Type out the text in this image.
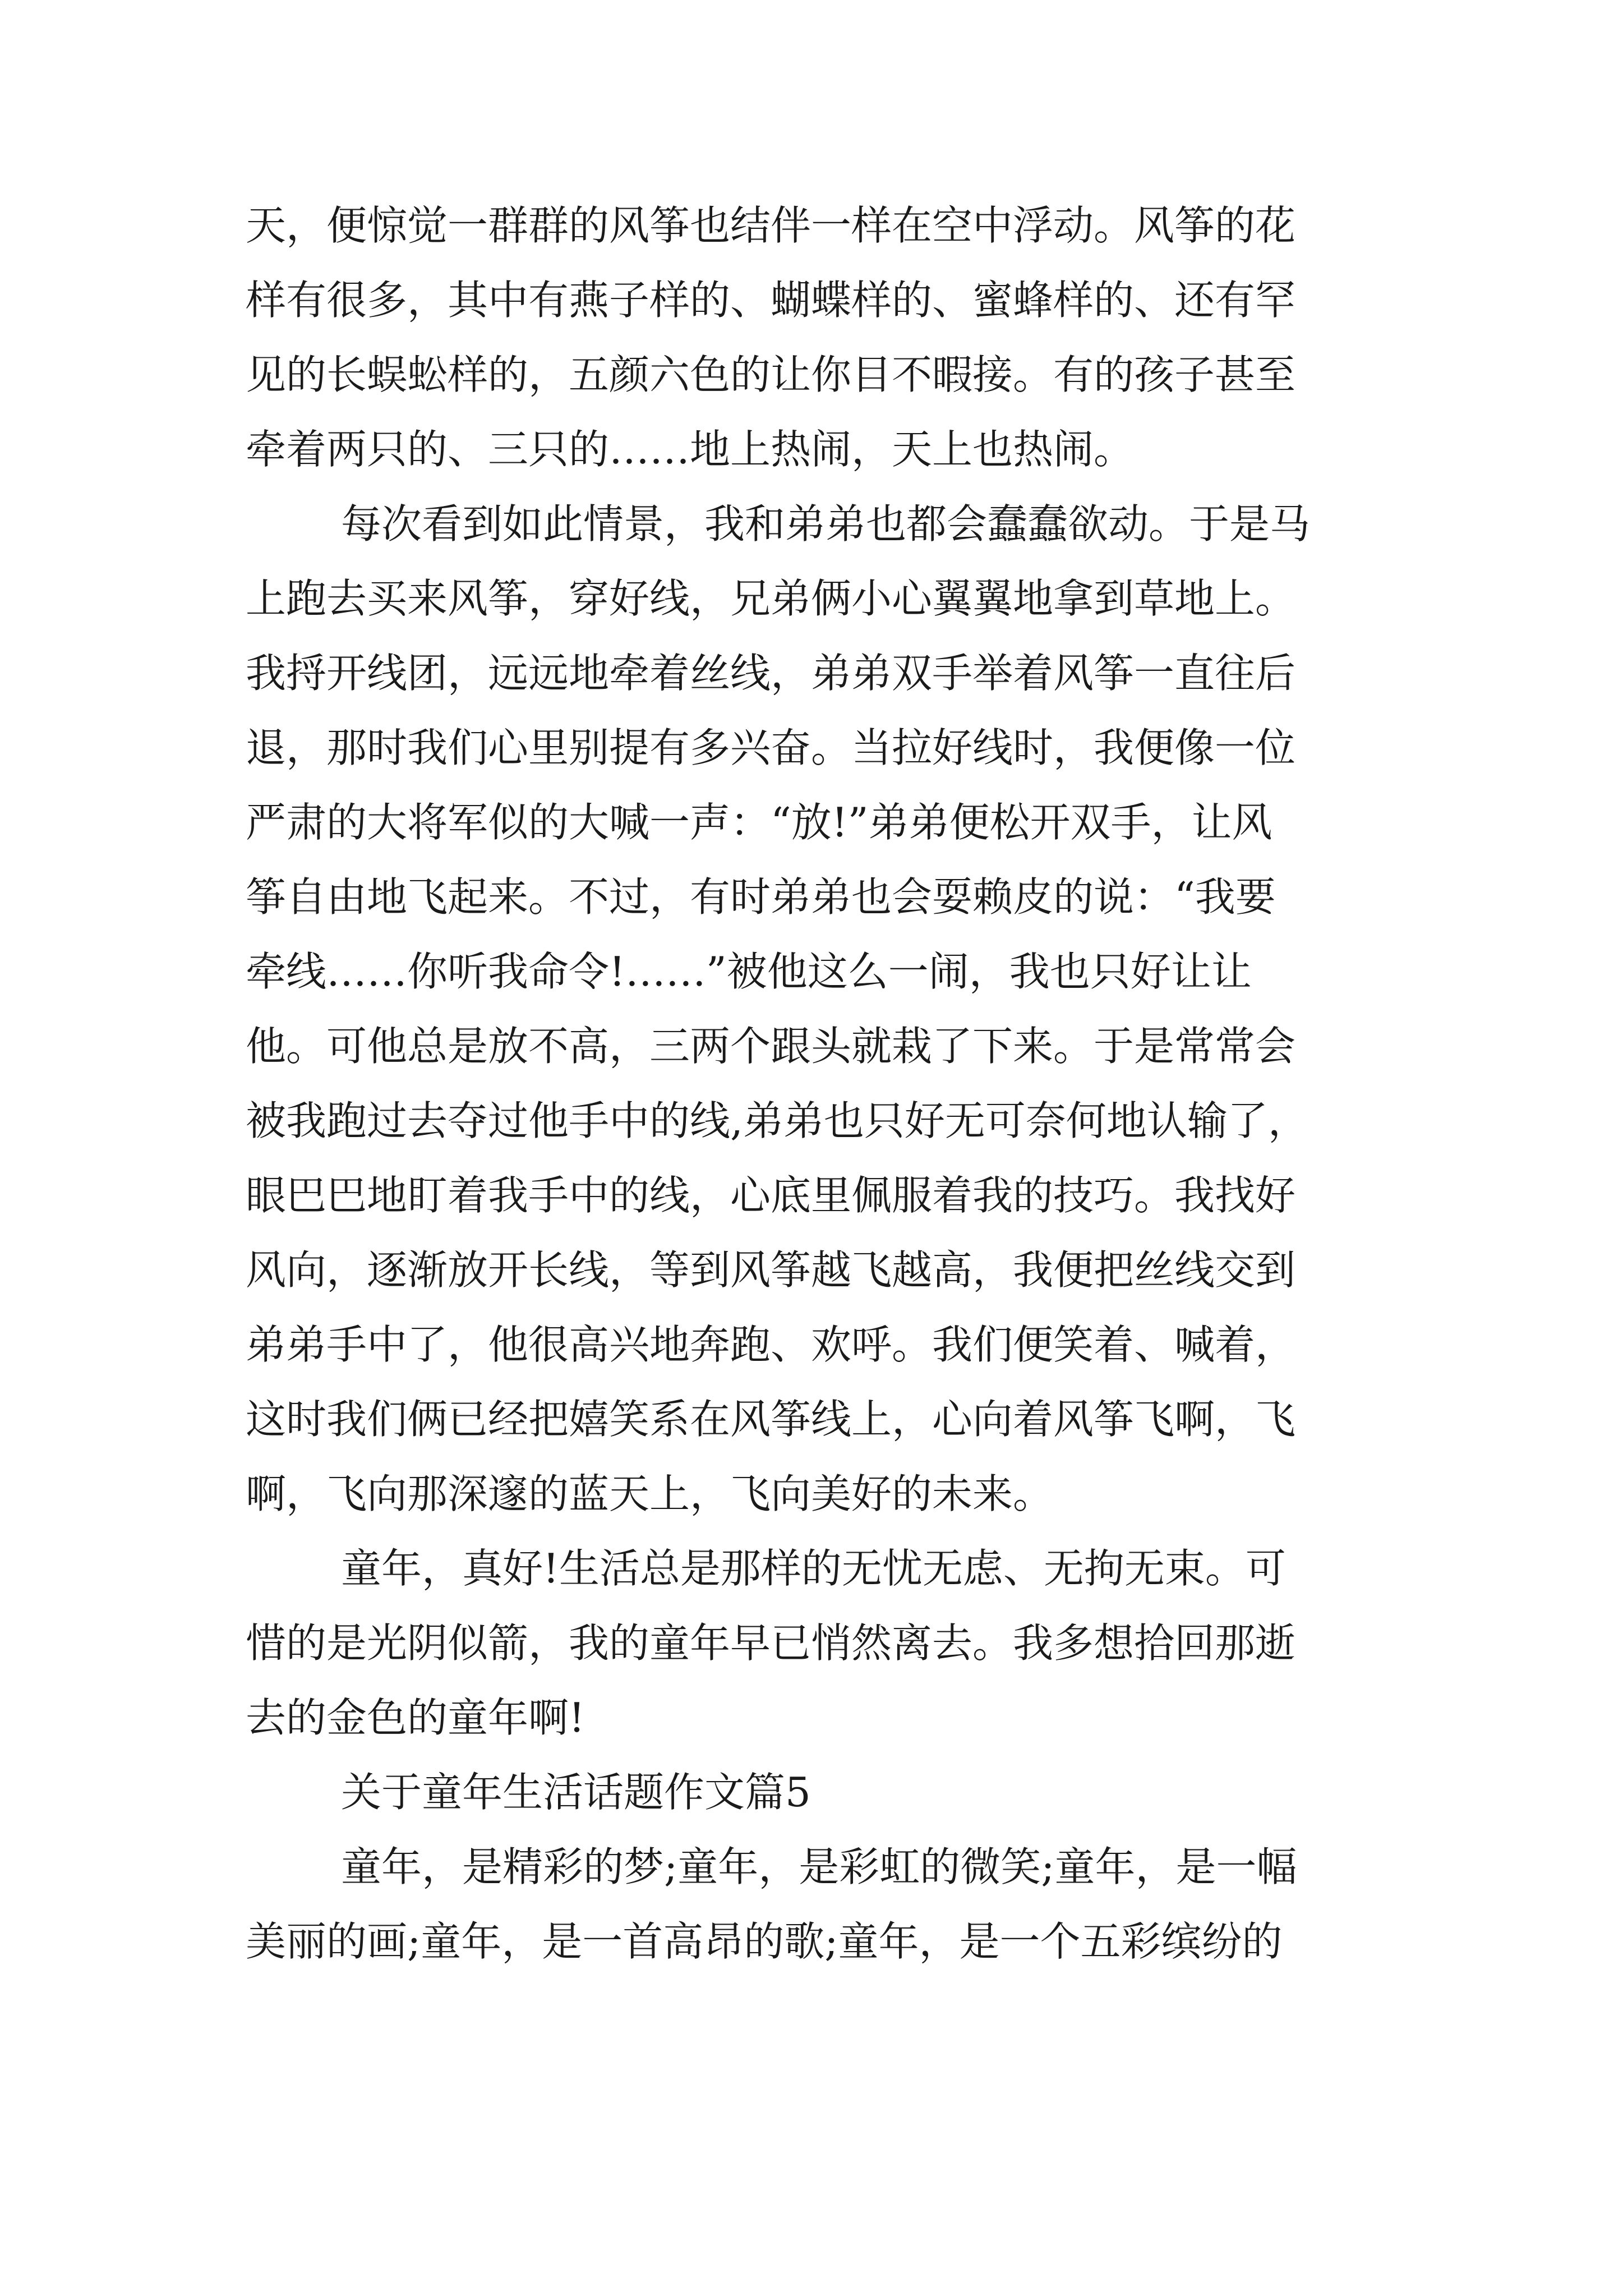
天，便惊觉一群群的风筝也结伴一样在空中浮动。风筝的花
样有很多，其中有燕子样的、蝴蝶样的、蜜蜂样的、还有罕
见的长蜈蚣样的，五颜六色的让你目不暇接。有的孩子甚至
牵着两只的、三只的……地上热闹，天上也热闹。
每次看到如此情景，我和弟弟也都会蠢蠢欲动。于是马
上跑去买来风筝，穿好线，兄弟俩小心翼翼地拿到草地上。
我捋开线团，远远地牵着丝线，弟弟双手举着风筝一直往后
退，那时我们心里别提有多兴奋。当拉好线时，我便像一位
严肃的大将军似的大喊一声：“放!”弟弟便松开双手，让风
筝自由地飞起来。不过，有时弟弟也会耍赖皮的说：“我要
牵线……你听我命令!……”被他这么一闹，我也只好让让
他。可他总是放不高，三两个跟头就栽了下来。于是常常会
被我跑过去夺过他手中的线,弟弟也只好无可奈何地认输了，
眼巴巴地盯着我手中的线，心底里佩服着我的技巧。我找好
风向，逐渐放开长线，等到风筝越飞越高，我便把丝线交到
弟弟手中了，他很高兴地奔跑、欢呼。我们便笑着、喊着，
这时我们俩已经把嬉笑系在风筝线上，心向着风筝飞啊，飞
啊，飞向那深邃的蓝天上，飞向美好的未来。
童年，真好!生活总是那样的无忧无虑、无拘无束。可
惜的是光阴似箭，我的童年早已悄然离去。我多想拾回那逝
去的金色的童年啊!
关于童年生活话题作文篇5
童年，是精彩的梦;童年，是彩虹的微笑;童年，是一幅
美丽的画;童年，是一首高昂的歌;童年，是一个五彩缤纷的
